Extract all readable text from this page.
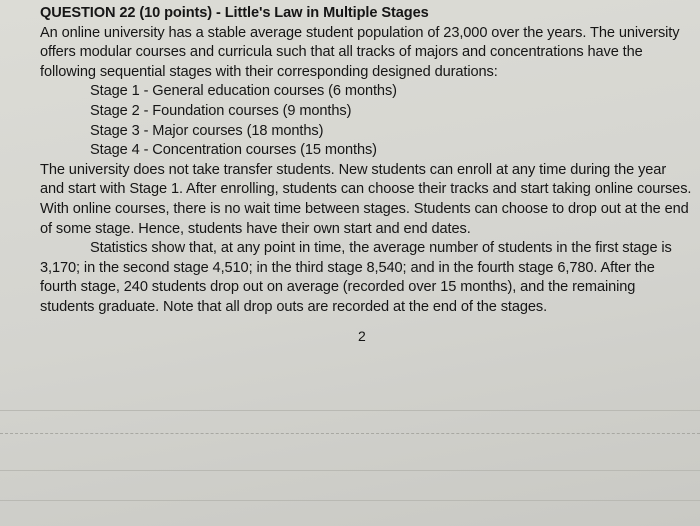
QUESTION 22 (10 points) - Little's Law in Multiple Stages

An online university has a stable average student population of 23,000 over the years. The university offers modular courses and curricula such that all tracks of majors and concentrations have the following sequential stages with their corresponding designed durations:

Stage 1 - General education courses (6 months)

Stage 2 - Foundation courses (9 months)

Stage 3 - Major courses (18 months)

Stage 4 - Concentration courses (15 months)

The university does not take transfer students. New students can enroll at any time during the year and start with Stage 1. After enrolling, students can choose their tracks and start taking online courses. With online courses, there is no wait time between stages. Students can choose to drop out at the end of some stage. Hence, students have their own start and end dates.

Statistics show that, at any point in time, the average number of students in the first stage is 3,170; in the second stage 4,510; in the third stage 8,540; and in the fourth stage 6,780. After the fourth stage, 240 students drop out on average (recorded over 15 months), and the remaining students graduate. Note that all drop outs are recorded at the end of the stages.

2
